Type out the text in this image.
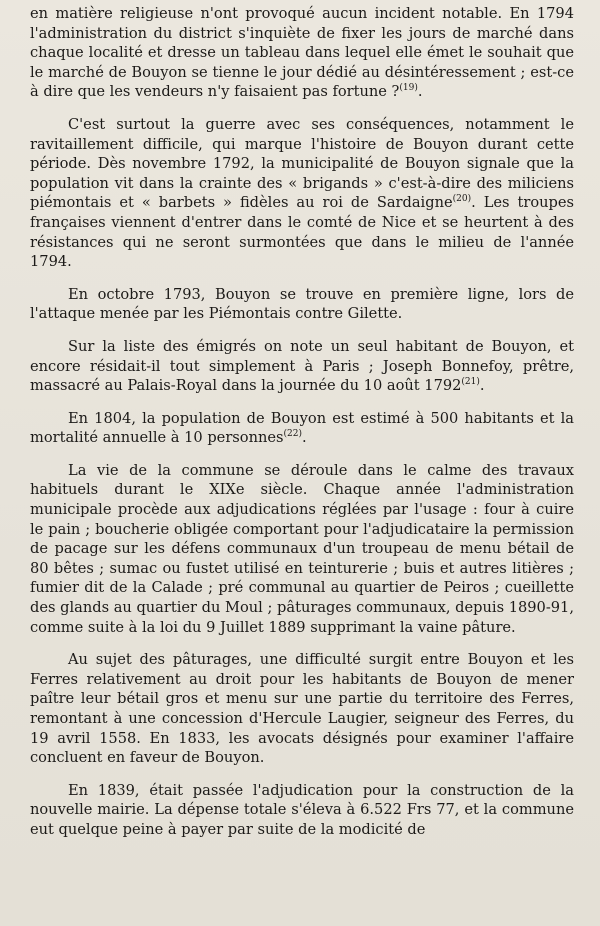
en matière religieuse n'ont provoqué aucun incident notable. En 1794 l'administration du district s'inquiète de fixer les jours de marché dans chaque localité et dresse un tableau dans lequel elle émet le souhait que le marché de Bouyon se tienne le jour dédié au désintéressement ; est-ce à dire que les vendeurs n'y faisaient pas fortune ?$^{(19)}$.

C'est surtout la guerre avec ses conséquences, notamment le ravitaillement difficile, qui marque l'histoire de Bouyon durant cette période. Dès novembre 1792, la municipalité de Bouyon signale que la population vit dans la crainte des « brigands » c'est-à-dire des miliciens piémontais et « barbets » fidèles au roi de Sardaigne$^{(20)}$. Les troupes françaises viennent d'entrer dans le comté de Nice et se heurtent à des résistances qui ne seront surmontées que dans le milieu de l'année 1794.

En octobre 1793, Bouyon se trouve en première ligne, lors de l'attaque menée par les Piémontais contre Gilette.

Sur la liste des émigrés on note un seul habitant de Bouyon, et encore résidait-il tout simplement à Paris ; Joseph Bonnefoy, prêtre, massacré au Palais-Royal dans la journée du 10 août 1792$^{(21)}$.

En 1804, la population de Bouyon est estimé à 500 habitants et la mortalité annuelle à 10 personnes$^{(22)}$.

La vie de la commune se déroule dans le calme des travaux habituels durant le XIXe siècle. Chaque année l'administration municipale procède aux adjudications réglées par l'usage : four à cuire le pain ; boucherie obligée comportant pour l'adjudicataire la permission de pacage sur les défens communaux d'un troupeau de menu bétail de 80 bêtes ; sumac ou fustet utilisé en teinturerie ; buis et autres litières ; fumier dit de la Calade ; pré communal au quartier de Peiros ; cueillette des glands au quartier du Moul ; pâturages communaux, depuis 1890-91, comme suite à la loi du 9 Juillet 1889 supprimant la vaine pâture.

Au sujet des pâturages, une difficulté surgit entre Bouyon et les Ferres relativement au droit pour les habitants de Bouyon de mener paître leur bétail gros et menu sur une partie du territoire des Ferres, remontant à une concession d'Hercule Laugier, seigneur des Ferres, du 19 avril 1558. En 1833, les avocats désignés pour examiner l'affaire concluent en faveur de Bouyon.

En 1839, était passée l'adjudication pour la construction de la nouvelle mairie. La dépense totale s'éleva à 6.522 Frs 77, et la commune eut quelque peine à payer par suite de la modicité de
